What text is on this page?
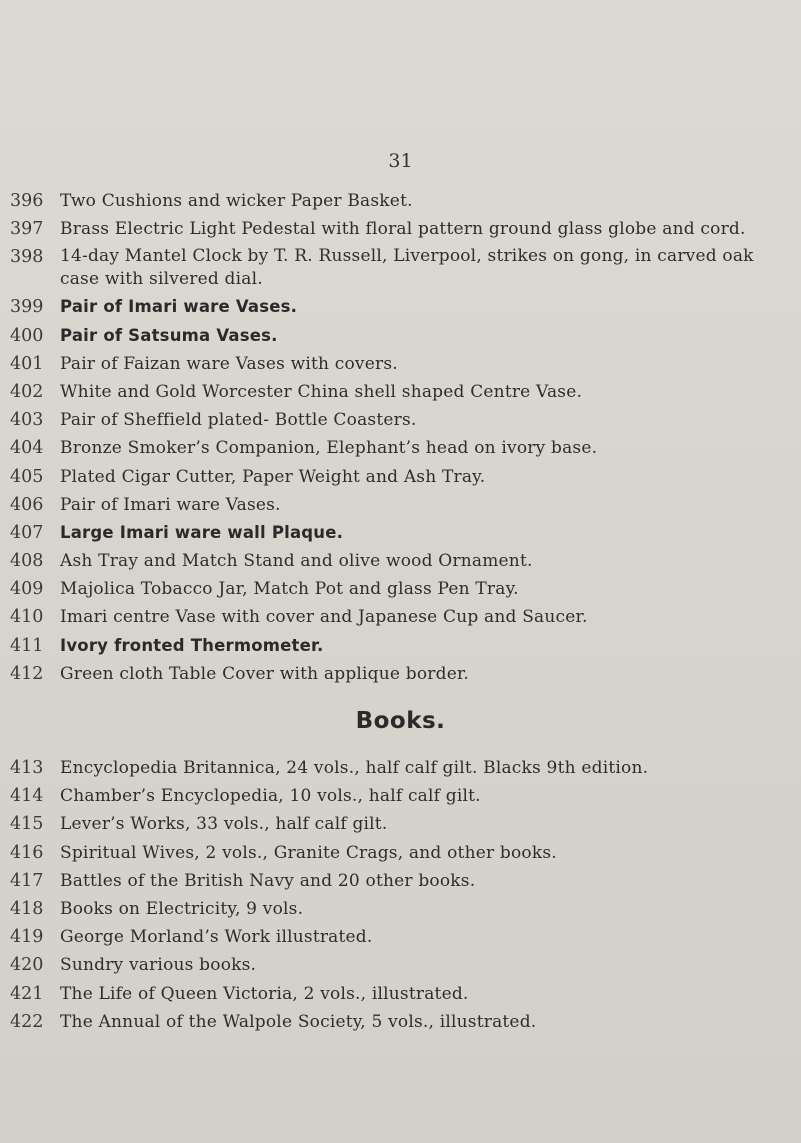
31
396 Two Cushions and wicker Paper Basket.
397 Brass Electric Light Pedestal with floral pattern ground glass globe and cord.
398 14-day Mantel Clock by T. R. Russell, Liverpool, strikes on gong, in carved oak case with silvered dial.
399 Pair of Imari ware Vases.
400 Pair of Satsuma Vases.
401 Pair of Faizan ware Vases with covers.
402 White and Gold Worcester China shell shaped Centre Vase.
403 Pair of Sheffield plated- Bottle Coasters.
404 Bronze Smoker’s Companion, Elephant’s head on ivory base.
405 Plated Cigar Cutter, Paper Weight and Ash Tray.
406 Pair of Imari ware Vases.
407 Large Imari ware wall Plaque.
408 Ash Tray and Match Stand and olive wood Ornament.
409 Majolica Tobacco Jar, Match Pot and glass Pen Tray.
410 Imari centre Vase with cover and Japanese Cup and Saucer.
411 Ivory fronted Thermometer.
412 Green cloth Table Cover with applique border.
Books.
413 Encyclopedia Britannica, 24 vols., half calf gilt. Blacks 9th edition.
414 Chamber’s Encyclopedia, 10 vols., half calf gilt.
415 Lever’s Works, 33 vols., half calf gilt.
416 Spiritual Wives, 2 vols., Granite Crags, and other books.
417 Battles of the British Navy and 20 other books.
418 Books on Electricity, 9 vols.
419 George Morland’s Work illustrated.
420 Sundry various books.
421 The Life of Queen Victoria, 2 vols., illustrated.
422 The Annual of the Walpole Society, 5 vols., illustrated.
